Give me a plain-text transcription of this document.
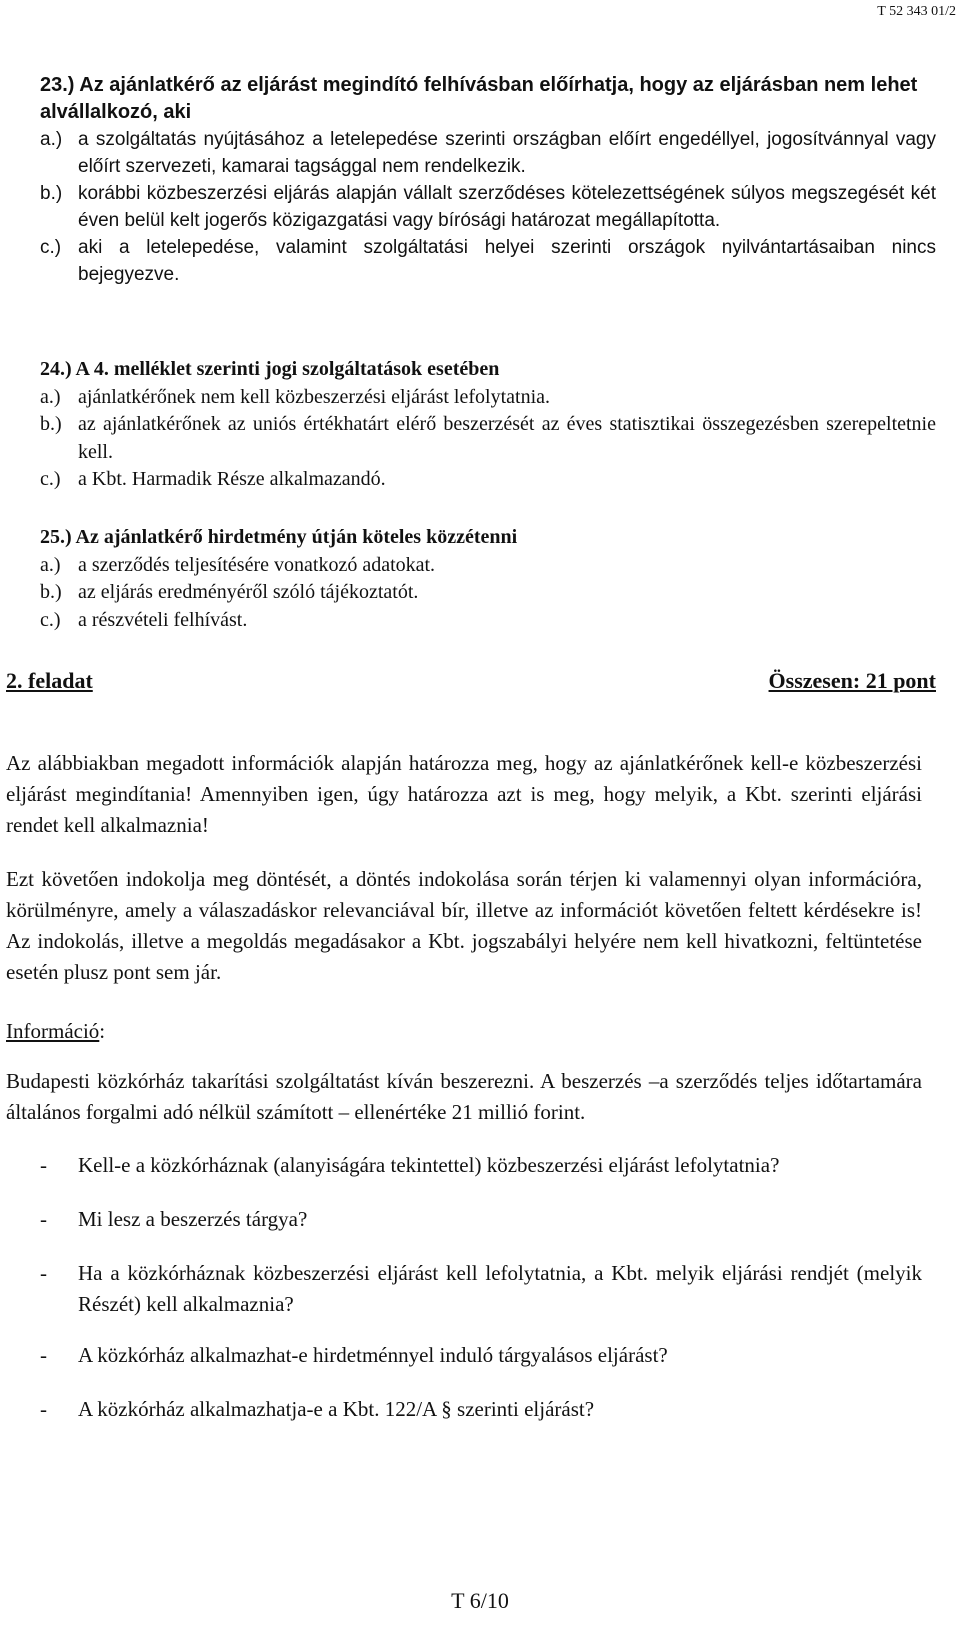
T 52 343 01/2
23.) Az ajánlatkérő az eljárást megindító felhívásban előírhatja, hogy az eljárásban nem lehet alvállalkozó, aki
a.) a szolgáltatás nyújtásához a letelepedése szerinti országban előírt engedéllyel, jogosítvánnyal vagy előírt szervezeti, kamarai tagsággal nem rendelkezik.
b.) korábbi közbeszerzési eljárás alapján vállalt szerződéses kötelezettségének súlyos megszegését két éven belül kelt jogerős közigazgatási vagy bírósági határozat megállapította.
c.) aki a letelepedése, valamint szolgáltatási helyei szerinti országok nyilvántartásaiban nincs bejegyezve.
24.) A 4. melléklet szerinti jogi szolgáltatások esetében
a.) ajánlatkérőnek nem kell közbeszerzési eljárást lefolytatnia.
b.) az ajánlatkérőnek az uniós értékhatárt elérő beszerzését az éves statisztikai összegezésben szerepeltetnie kell.
c.) a Kbt. Harmadik Része alkalmazandó.
25.) Az ajánlatkérő hirdetmény útján köteles közzétenni
a.) a szerződés teljesítésére vonatkozó adatokat.
b.) az eljárás eredményéről szóló tájékoztatót.
c.) a részvételi felhívást.
2. feladat	Összesen: 21 pont
Az alábbiakban megadott információk alapján határozza meg, hogy az ajánlatkérőnek kell-e közbeszerzési eljárást megindítania! Amennyiben igen, úgy határozza azt is meg, hogy melyik, a Kbt. szerinti eljárási rendet kell alkalmaznia!
Ezt követően indokolja meg döntését, a döntés indokolása során térjen ki valamennyi olyan információra, körülményre, amely a válaszadáskor relevanciával bír, illetve az információt követően feltett kérdésekre is! Az indokolás, illetve a megoldás megadásakor a Kbt. jogszabályi helyére nem kell hivatkozni, feltüntetése esetén plusz pont sem jár.
Információ:
Budapesti közkórház takarítási szolgáltatást kíván beszerezni. A beszerzés –a szerződés teljes időtartamára általános forgalmi adó nélkül számított – ellenértéke 21 millió forint.
-	Kell-e a közkórháznak (alanyiságára tekintettel) közbeszerzési eljárást lefolytatnia?
-	Mi lesz a beszerzés tárgya?
-	Ha a közkórháznak közbeszerzési eljárást kell lefolytatnia, a Kbt. melyik eljárási rendjét (melyik Részét) kell alkalmaznia?
-	A közkórház alkalmazhat-e hirdetménnyel induló tárgyalásos eljárást?
-	A közkórház alkalmazhatja-e a Kbt. 122/A § szerinti eljárást?
T 6/10
